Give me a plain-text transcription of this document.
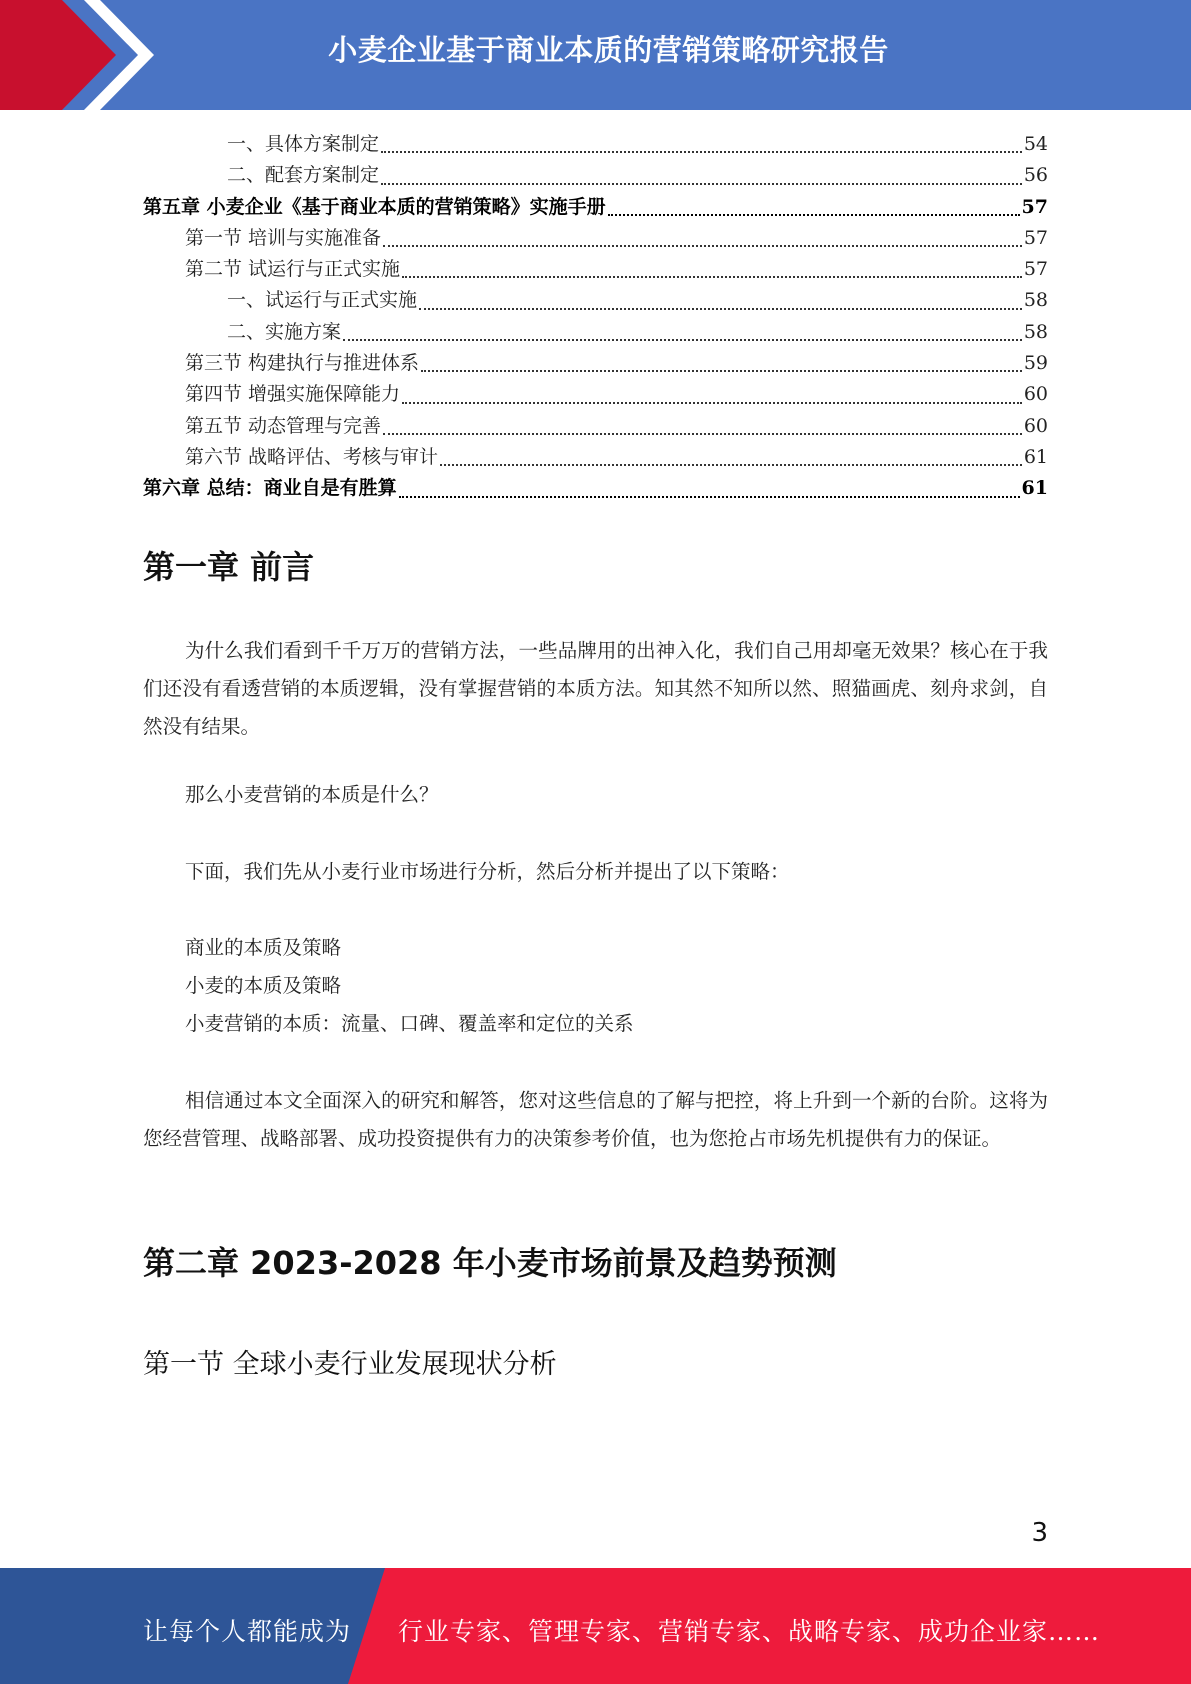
小麦企业基于商业本质的营销策略研究报告
一、具体方案制定	54
二、配套方案制定	56
第五章 小麦企业《基于商业本质的营销策略》实施手册	57
第一节 培训与实施准备	57
第二节 试运行与正式实施	57
一、试运行与正式实施	58
二、实施方案	58
第三节 构建执行与推进体系	59
第四节 增强实施保障能力	60
第五节 动态管理与完善	60
第六节 战略评估、考核与审计	61
第六章 总结：商业自是有胜算	61
第一章 前言

为什么我们看到千千万万的营销方法，一些品牌用的出神入化，我们自己用却毫无效果？核心在于我们还没有看透营销的本质逻辑，没有掌握营销的本质方法。知其然不知所以然、照猫画虎、刻舟求剑，自然没有结果。

那么小麦营销的本质是什么？

下面，我们先从小麦行业市场进行分析，然后分析并提出了以下策略：

商业的本质及策略
小麦的本质及策略
小麦营销的本质：流量、口碑、覆盖率和定位的关系

相信通过本文全面深入的研究和解答，您对这些信息的了解与把控，将上升到一个新的台阶。这将为您经营管理、战略部署、成功投资提供有力的决策参考价值，也为您抢占市场先机提供有力的保证。

第二章 2023-2028 年小麦市场前景及趋势预测
第一节 全球小麦行业发展现状分析
3
让每个人都能成为 行业专家、管理专家、营销专家、战略专家、成功企业家……
